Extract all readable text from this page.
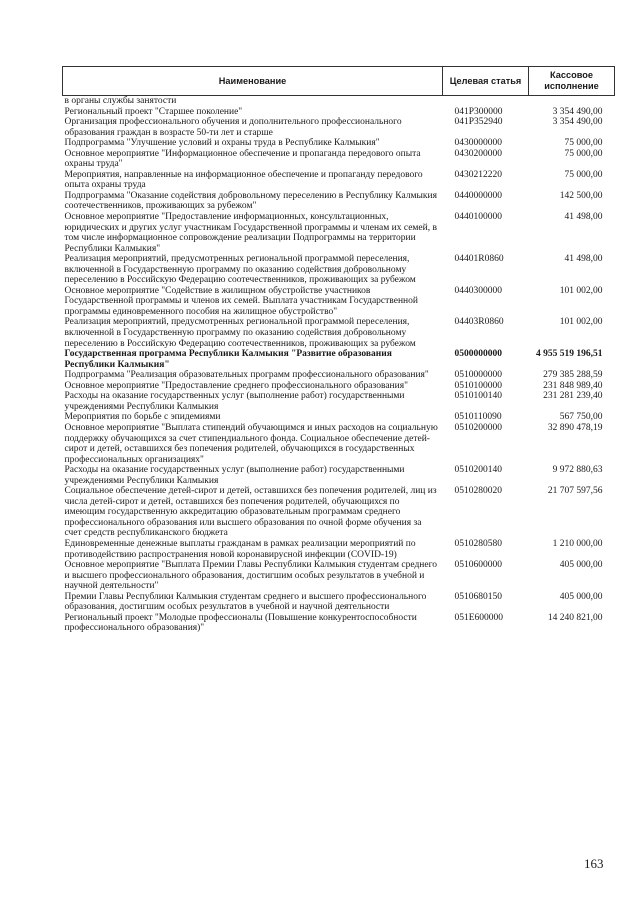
Наименование	Целевая статья	Кассовое исполнение
в органы службы занятости		
Региональный проект "Старшее поколение"	041P300000	3 354 490,00
Организация профессионального обучения и дополнительного профессионального образования граждан в возрасте 50-ти лет и старше	041P352940	3 354 490,00
Подпрограмма "Улучшение условий и охраны труда в Республике Калмыкия"	0430000000	75 000,00
Основное мероприятие "Информационное обеспечение и пропаганда передового опыта охраны труда"	0430200000	75 000,00
Мероприятия, направленные на информационное обеспечение и пропаганду передового опыта охраны труда	0430212220	75 000,00
Подпрограмма "Оказание содействия добровольному переселению в Республику Калмыкия соотечественников, проживающих за рубежом"	0440000000	142 500,00
Основное мероприятие "Предоставление информационных, консультационных, юридических и других услуг участникам Государственной программы и членам их семей, в том числе информационное сопровождение реализации Подпрограммы на территории Республики Калмыкия"	0440100000	41 498,00
Реализация мероприятий, предусмотренных региональной программой переселения, включенной в Государственную программу по оказанию содействия добровольному переселению в Российскую Федерацию соотечественников, проживающих за рубежом	04401R0860	41 498,00
Основное мероприятие "Содействие в жилищном обустройстве участников Государственной программы и членов их семей. Выплата участникам Государственной программы единовременного пособия на жилищное обустройство"	0440300000	101 002,00
Реализация мероприятий, предусмотренных региональной программой переселения, включенной в Государственную программу по оказанию содействия добровольному переселению в Российскую Федерацию соотечественников, проживающих за рубежом	04403R0860	101 002,00
Государственная программа Республики Калмыкия "Развитие образования Республики Калмыкия"	0500000000	4 955 519 196,51
Подпрограмма "Реализация образовательных программ профессионального образования"	0510000000	279 385 288,59
Основное мероприятие "Предоставление среднего профессионального образования"	0510100000	231 848 989,40
Расходы на оказание государственных услуг (выполнение работ) государственными учреждениями Республики Калмыкия	0510100140	231 281 239,40
Мероприятия по борьбе с эпидемиями	0510110090	567 750,00
Основное мероприятие "Выплата стипендий обучающимся и иных расходов на социальную поддержку обучающихся за счет стипендиального фонда. Социальное обеспечение детей-сирот и детей, оставшихся без попечения родителей, обучающихся в государственных профессиональных организациях"	0510200000	32 890 478,19
Расходы на оказание государственных услуг (выполнение работ) государственными учреждениями Республики Калмыкия	0510200140	9 972 880,63
Социальное обеспечение детей-сирот и детей, оставшихся без попечения родителей, лиц из числа детей-сирот и детей, оставшихся без попечения родителей, обучающихся по имеющим государственную аккредитацию образовательным программам среднего профессионального образования или высшего образования по очной форме обучения за счет средств республиканского бюджета	0510280020	21 707 597,56
Единовременные денежные выплаты гражданам в рамках реализации мероприятий по противодействию распространения новой коронавирусной инфекции (COVID-19)	0510280580	1 210 000,00
Основное мероприятие "Выплата Премии Главы Республики Калмыкия студентам среднего и высшего профессионального образования, достигшим особых результатов в учебной и научной деятельности"	0510600000	405 000,00
Премии Главы Республики Калмыкия студентам среднего и высшего профессионального образования, достигшим особых результатов в учебной и научной деятельности	0510680150	405 000,00
Региональный проект "Молодые профессионалы (Повышение конкурентоспособности профессионального образования)"	051E600000	14 240 821,00
163
